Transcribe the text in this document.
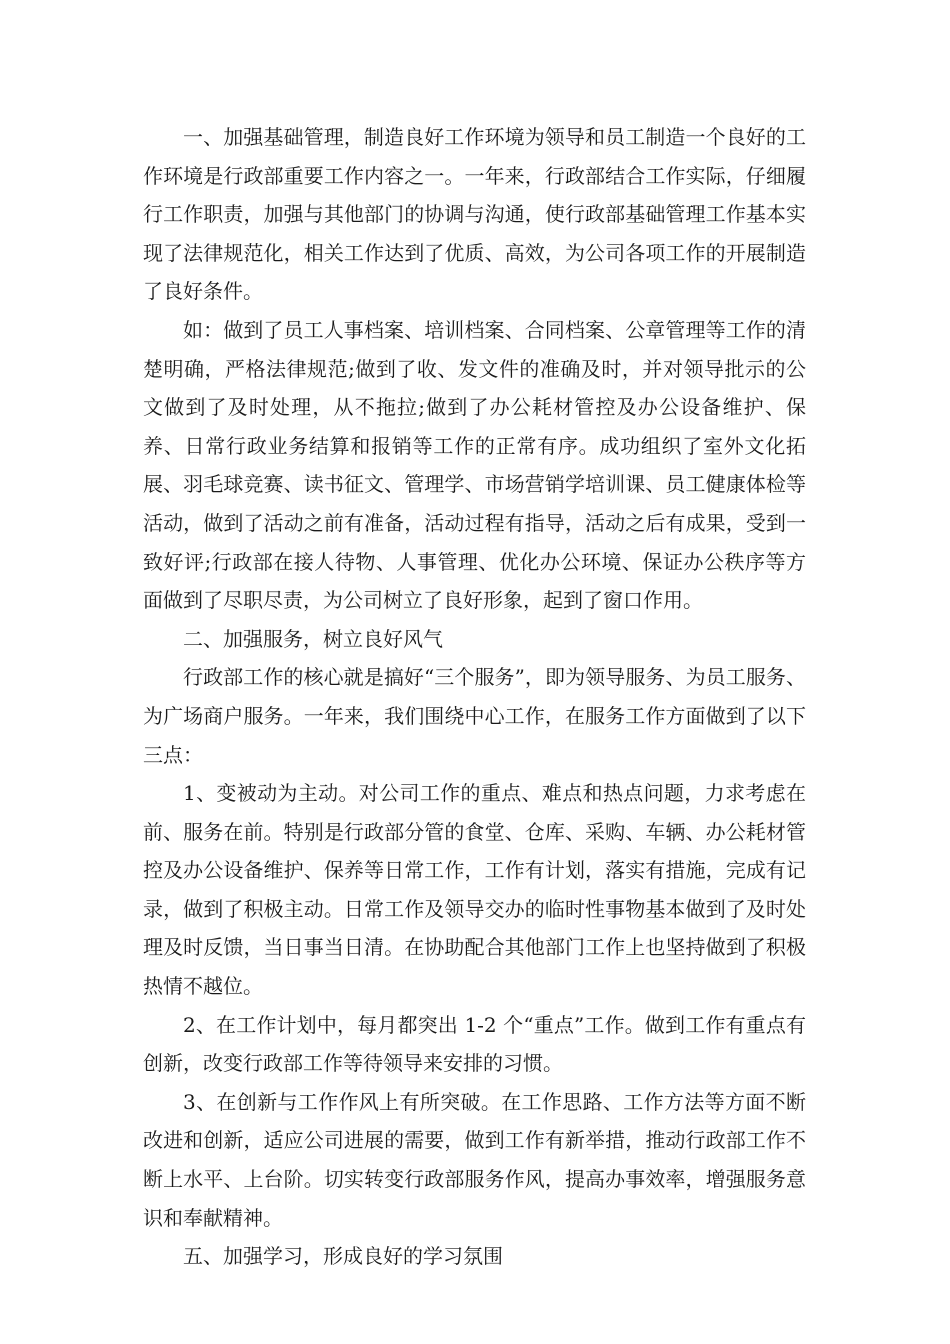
一、加强基础管理，制造良好工作环境为领导和员工制造一个良好的工作环境是行政部重要工作内容之一。一年来，行政部结合工作实际，仔细履行工作职责，加强与其他部门的协调与沟通，使行政部基础管理工作基本实现了法律规范化，相关工作达到了优质、高效，为公司各项工作的开展制造了良好条件。

如：做到了员工人事档案、培训档案、合同档案、公章管理等工作的清楚明确，严格法律规范;做到了收、发文件的准确及时，并对领导批示的公文做到了及时处理，从不拖拉;做到了办公耗材管控及办公设备维护、保养、日常行政业务结算和报销等工作的正常有序。成功组织了室外文化拓展、羽毛球竞赛、读书征文、管理学、市场营销学培训课、员工健康体检等活动，做到了活动之前有准备，活动过程有指导，活动之后有成果，受到一致好评;行政部在接人待物、人事管理、优化办公环境、保证办公秩序等方面做到了尽职尽责，为公司树立了良好形象，起到了窗口作用。

二、加强服务，树立良好风气

行政部工作的核心就是搞好“三个服务”，即为领导服务、为员工服务、为广场商户服务。一年来，我们围绕中心工作，在服务工作方面做到了以下三点：

1、变被动为主动。对公司工作的重点、难点和热点问题，力求考虑在前、服务在前。特别是行政部分管的食堂、仓库、采购、车辆、办公耗材管控及办公设备维护、保养等日常工作，工作有计划，落实有措施，完成有记录，做到了积极主动。日常工作及领导交办的临时性事物基本做到了及时处理及时反馈，当日事当日清。在协助配合其他部门工作上也坚持做到了积极热情不越位。

2、在工作计划中，每月都突出 1-2 个“重点”工作。做到工作有重点有创新，改变行政部工作等待领导来安排的习惯。

3、在创新与工作作风上有所突破。在工作思路、工作方法等方面不断改进和创新，适应公司进展的需要，做到工作有新举措，推动行政部工作不断上水平、上台阶。切实转变行政部服务作风，提高办事效率，增强服务意识和奉献精神。

五、加强学习，形成良好的学习氛围
